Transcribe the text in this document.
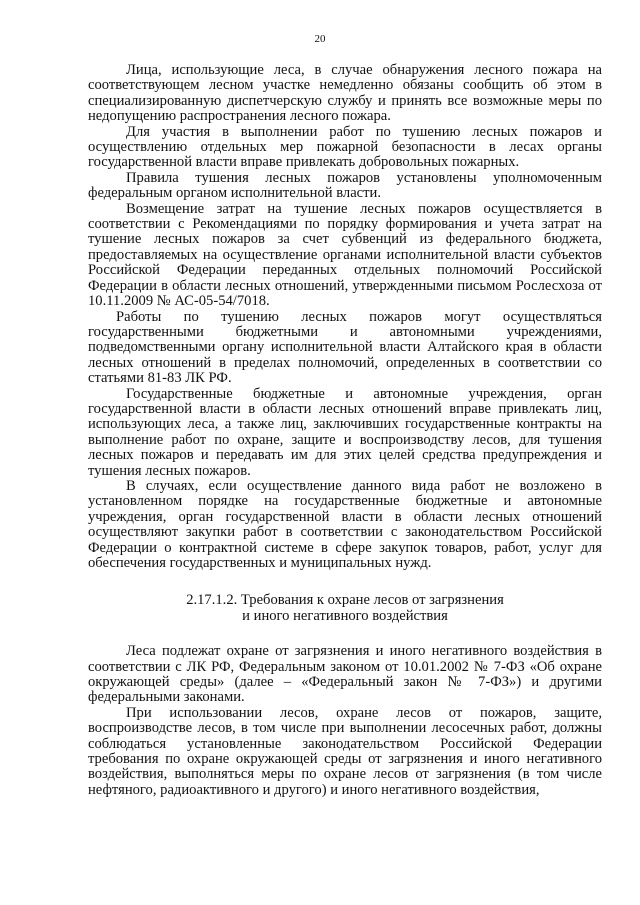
20

Лица, использующие леса, в случае обнаружения лесного пожара на соответствующем лесном участке немедленно обязаны сообщить об этом в специализированную диспетчерскую службу и принять все возможные меры по недопущению распространения лесного пожара.

Для участия в выполнении работ по тушению лесных пожаров и осуществлению отдельных мер пожарной безопасности в лесах органы государственной власти вправе привлекать добровольных пожарных.

Правила тушения лесных пожаров установлены уполномоченным федеральным органом исполнительной власти.

Возмещение затрат на тушение лесных пожаров осуществляется в соответствии с Рекомендациями по порядку формирования и учета затрат на тушение лесных пожаров за счет субвенций из федерального бюджета, предоставляемых на осуществление органами исполнительной власти субъектов Российской Федерации переданных отдельных полномочий Российской Федерации в области лесных отношений, утвержденными письмом Рослесхоза от 10.11.2009 № АС-05-54/7018.

Работы по тушению лесных пожаров могут осуществляться государственными бюджетными и автономными учреждениями, подведомственными органу исполнительной власти Алтайского края в области лесных отношений в пределах полномочий, определенных в соответствии со статьями 81-83 ЛК РФ.

Государственные бюджетные и автономные учреждения, орган государственной власти в области лесных отношений вправе привлекать лиц, использующих леса, а также лиц, заключивших государственные контракты на выполнение работ по охране, защите и воспроизводству лесов, для тушения лесных пожаров и передавать им для этих целей средства предупреждения и тушения лесных пожаров.

В случаях, если осуществление данного вида работ не возложено в установленном порядке на государственные бюджетные и автономные учреждения, орган государственной власти в области лесных отношений осуществляют закупки работ в соответствии с законодательством Российской Федерации о контрактной системе в сфере закупок товаров, работ, услуг для обеспечения государственных и муниципальных нужд.

2.17.1.2. Требования к охране лесов от загрязнения
и иного негативного воздействия

Леса подлежат охране от загрязнения и иного негативного воздействия в соответствии с ЛК РФ, Федеральным законом от 10.01.2002 № 7-ФЗ «Об охране окружающей среды» (далее – «Федеральный закон № 7-ФЗ») и другими федеральными законами.

При использовании лесов, охране лесов от пожаров, защите, воспроизводстве лесов, в том числе при выполнении лесосечных работ, должны соблюдаться установленные законодательством Российской Федерации требования по охране окружающей среды от загрязнения и иного негативного воздействия, выполняться меры по охране лесов от загрязнения (в том числе нефтяного, радиоактивного и другого) и иного негативного воздействия,
